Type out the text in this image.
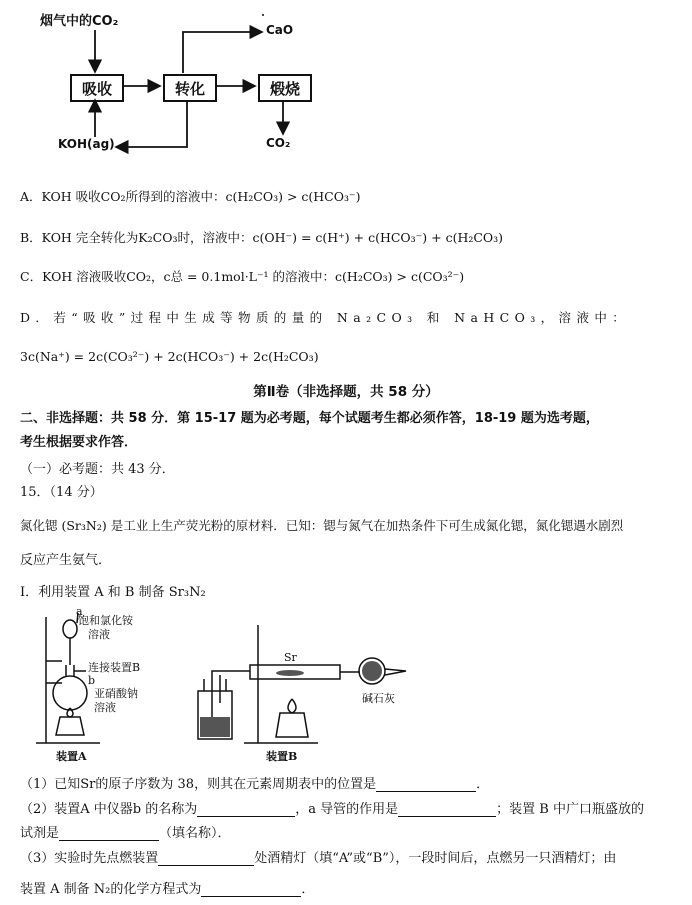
烟气中的CO₂
吸收	转化	煅烧
CaO
CO₂
KOH(ag)
A．KOH 吸收CO₂所得到的溶液中：c(H₂CO₃) > c(HCO₃⁻)
B．KOH 完全转化为K₂CO₃时，溶液中：c(OH⁻) = c(H⁺) + c(HCO₃⁻) + c(H₂CO₃)
C．KOH 溶液吸收CO₂，c总 = 0.1mol·L⁻¹ 的溶液中：c(H₂CO₃) > c(CO₃²⁻)
D．若“吸收”过程中生成等物质的量的 Na₂CO₃ 和 NaHCO₃，溶液中：
3c(Na⁺) = 2c(CO₃²⁻) + 2c(HCO₃⁻) + 2c(H₂CO₃)
第Ⅱ卷（非选择题，共 58 分）
二、非选择题：共 58 分．第 15-17 题为必考题，每个试题考生都必须作答，18-19 题为选考题，
考生根据要求作答．
（一）必考题：共 43 分．
15．（14 分）
氮化锶 (Sr₃N₂) 是工业上生产荧光粉的原材料．已知：锶与氮气在加热条件下可生成氮化锶，氮化锶遇水剧烈
反应产生氨气．
Ⅰ．利用装置 A 和 B 制备 Sr₃N₂
a
饱和氯化铵
溶液
连接装置B
b
亚硝酸钠
溶液
装置A
Sr
碱石灰
装置B
（1）已知Sr的原子序数为 38，则其在元素周期表中的位置是	．
（2）装置A 中仪器b 的名称为	，a 导管的作用是	；装置 B 中广口瓶盛放的
试剂是	（填名称）．
（3）实验时先点燃装置	处酒精灯（填“A”或“B”），一段时间后，点燃另一只酒精灯；由
装置 A 制备 N₂的化学方程式为	．
